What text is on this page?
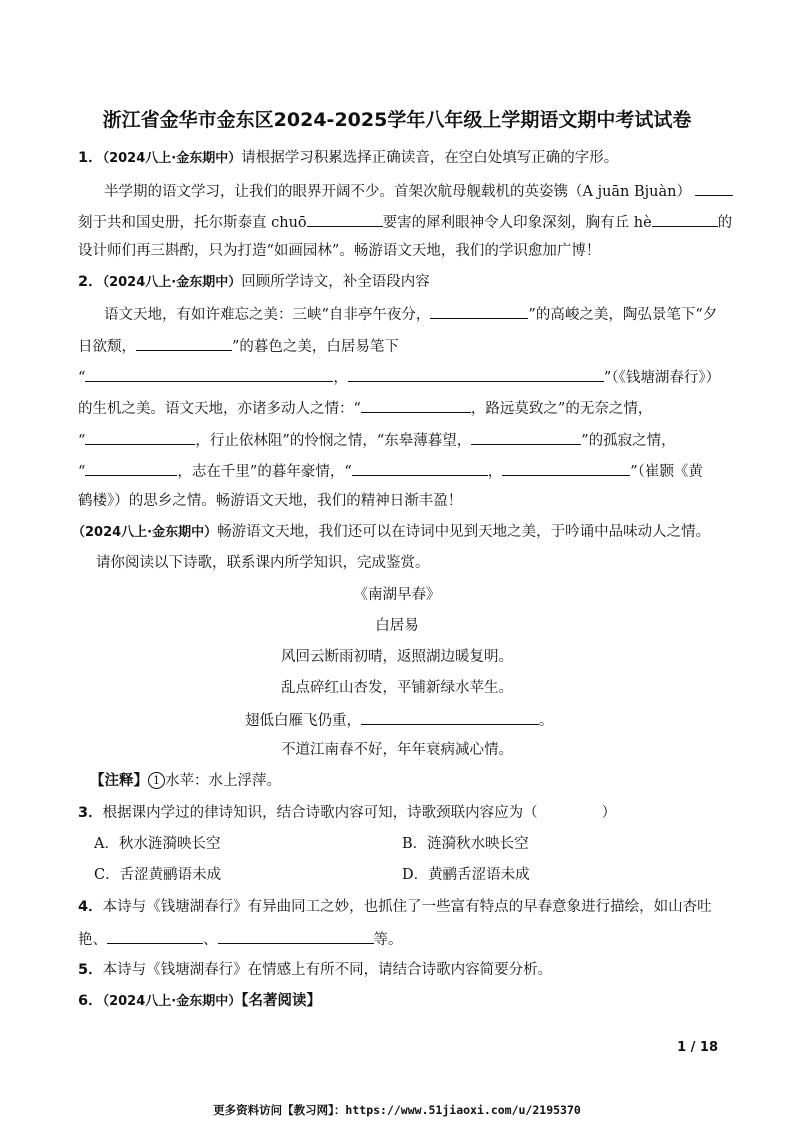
浙江省金华市金东区2024-2025学年八年级上学期语文期中考试试卷
1．（2024八上·金东期中）请根据学习积累选择正确读音，在空白处填写正确的字形。
半学期的语文学习，让我们的眼界开阔不少。首架次航母舰载机的英姿镌（A juān Bjuàn）
刻于共和国史册，托尔斯泰直 chuō	要害的犀利眼神令人印象深刻，胸有丘 hè	的
设计师们再三斟酌，只为打造“如画园林”。畅游语文天地，我们的学识愈加广博！
2．（2024八上·金东期中）回顾所学诗文，补全语段内容
语文天地，有如许难忘之美：三峡“自非亭午夜分，	”的高峻之美，陶弘景笔下“夕
日欲颓，	”的暮色之美，白居易笔下
“	，	”（《钱塘湖春行》）
的生机之美。语文天地，亦诸多动人之情：“	，路远莫致之”的无奈之情，
“	，行止依林阻”的怜悯之情，“东皋薄暮望，	”的孤寂之情，
“	，志在千里”的暮年豪情，“	，	”（崔颢《黄
鹤楼》）的思乡之情。畅游语文天地，我们的精神日渐丰盈！
（2024八上·金东期中）畅游语文天地，我们还可以在诗词中见到天地之美，于吟诵中品味动人之情。
请你阅读以下诗歌，联系课内所学知识，完成鉴赏。
《南湖早春》
白居易
风回云断雨初晴，返照湖边暖复明。
乱点碎红山杏发，平铺新绿水苹生。
翅低白雁飞仍重，	。
不道江南春不好，年年衰病减心情。
【注释】 1 水苹：水上浮萍。
3．根据课内学过的律诗知识，结合诗歌内容可知，诗歌颈联内容应为（	）
A．秋水涟漪映长空	B．涟漪秋水映长空
C．舌涩黄鹂语未成	D．黄鹂舌涩语未成
4．本诗与《钱塘湖春行》有异曲同工之妙，也抓住了一些富有特点的早春意象进行描绘，如山杏吐
艳、	、	等。
5．本诗与《钱塘湖春行》在情感上有所不同，请结合诗歌内容简要分析。
6．（2024八上·金东期中）【名著阅读】
1 / 18
更多资料访问【教习网】：https://www.51jiaoxi.com/u/2195370
